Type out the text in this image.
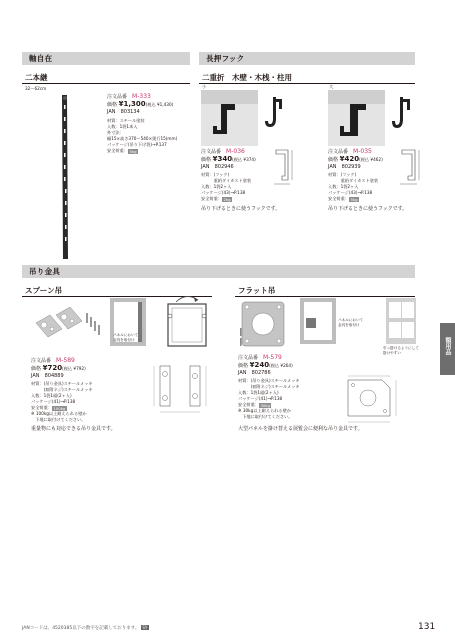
軸自在
二本継
32〜62cm
注文品番　 M-333
価格 ¥1,300(税込 ¥1,430)
JAN　 803134
材質：スチール塗装
入数：1袋1本入
外寸法：
幅15×高さ370〜540×奥行15(mm)
パッケージ(吊り下げ袋)→P.137
安全荷重： 5kg
長押フック
二重折　木壁・木桟・柱用
小	大
注文品番　 M-036
価格 ¥340(税込 ¥374)
JAN　 802946
材質：(フック)
　　　重鉛ダイカスト塗装
入数：1袋2ヶ入
パッケージ(43)→P.138
安全荷重： 2kg
吊り下げるときに使うフックです。
注文品番　 M-035
価格 ¥420(税込 ¥462)
JAN　 802939
材質：(フック)
　　　重鉛ダイカスト塗装
入数：1袋2ヶ入
パッケージ(43)→P.138
安全荷重： 5kg
吊り下げるときに使うフックです。
吊り金具
スプーン吊
パネルにおいて
金具を取付け
注文品番　 M-589
価格 ¥720(税込 ¥792)
JAN　 804889
材質：(吊り金具)スチールメッキ
　　　(皿附ネジ)スチールメッキ
入数：1袋1組(2ヶ入)
パッケージ(41)→P.138
安全荷重： 100kg
※ 100kg以上耐えられる壁か
　下地に取付けてください。
重量物にも対応できる吊り金具です。
フラット吊
パネルにおいて
金具を取付け
引っ掛けるようにして
掛けやすい
注文品番　 M-579
価格 ¥240(税込 ¥264)
JAN　 802786
材質：(吊り金具)スチールメッキ
　　　(皿附ネジ)スチールメッキ
入数：1袋1組(2ヶ入)
パッケージ(41)→P.138
安全荷重： 30kg
※ 30kg以上耐えられる壁か
　下地に取付けてください。
大型パネルを掛け替える展覧会に便利な吊り金具です。
額用品
JANコードは、4520385以下の数字を記載しております。 SY	131
